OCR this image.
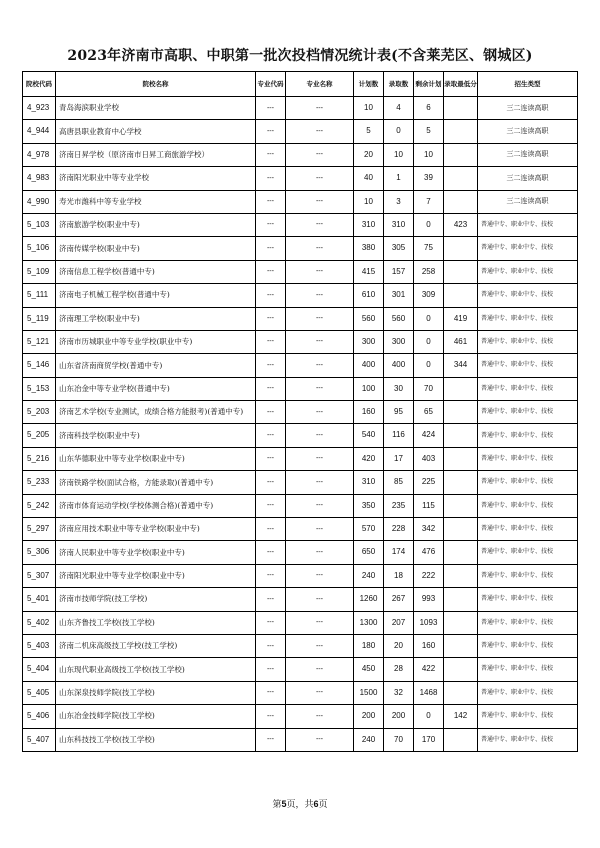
2023年济南市高职、中职第一批次投档情况统计表(不含莱芜区、钢城区)
院校代码	院校名称	专业代码	专业名称	计划数	录取数	剩余计划	录取最低分	招生类型
4_923	青岛海滨职业学校	---	---	10	4	6		三二连读高职
4_944	高唐县职业教育中心学校	---	---	5	0	5		三二连读高职
4_978	济南日昇学校（原济南市日昇工商旅游学校）	---	---	20	10	10		三二连读高职
4_983	济南阳光职业中等专业学校	---	---	40	1	39		三二连读高职
4_990	寿光市潍科中等专业学校	---	---	10	3	7		三二连读高职
5_103	济南旅游学校(职业中专)	---	---	310	310	0	423	普通中专、职业中专、技校
5_106	济南传媒学校(职业中专)	---	---	380	305	75		普通中专、职业中专、技校
5_109	济南信息工程学校(普通中专)	---	---	415	157	258		普通中专、职业中专、技校
5_111	济南电子机械工程学校(普通中专)	---	---	610	301	309		普通中专、职业中专、技校
5_119	济南理工学校(职业中专)	---	---	560	560	0	419	普通中专、职业中专、技校
5_121	济南市历城职业中等专业学校(职业中专)	---	---	300	300	0	461	普通中专、职业中专、技校
5_146	山东省济南商贸学校(普通中专)	---	---	400	400	0	344	普通中专、职业中专、技校
5_153	山东冶金中等专业学校(普通中专)	---	---	100	30	70		普通中专、职业中专、技校
5_203	济南艺术学校(专业测试，成绩合格方能报考)(普通中专)	---	---	160	95	65		普通中专、职业中专、技校
5_205	济南科技学校(职业中专)	---	---	540	116	424		普通中专、职业中专、技校
5_216	山东华德职业中等专业学校(职业中专)	---	---	420	17	403		普通中专、职业中专、技校
5_233	济南铁路学校(面试合格，方能录取)(普通中专)	---	---	310	85	225		普通中专、职业中专、技校
5_242	济南市体育运动学校(学校体测合格)(普通中专)	---	---	350	235	115		普通中专、职业中专、技校
5_297	济南应用技术职业中等专业学校(职业中专)	---	---	570	228	342		普通中专、职业中专、技校
5_306	济南人民职业中等专业学校(职业中专)	---	---	650	174	476		普通中专、职业中专、技校
5_307	济南阳光职业中等专业学校(职业中专)	---	---	240	18	222		普通中专、职业中专、技校
5_401	济南市技师学院(技工学校)	---	---	1260	267	993		普通中专、职业中专、技校
5_402	山东齐鲁技工学校(技工学校)	---	---	1300	207	1093		普通中专、职业中专、技校
5_403	济南二机床高级技工学校(技工学校)	---	---	180	20	160		普通中专、职业中专、技校
5_404	山东现代职业高级技工学校(技工学校)	---	---	450	28	422		普通中专、职业中专、技校
5_405	山东深泉技师学院(技工学校)	---	---	1500	32	1468		普通中专、职业中专、技校
5_406	山东冶金技师学院(技工学校)	---	---	200	200	0	142	普通中专、职业中专、技校
5_407	山东科技技工学校(技工学校)	---	---	240	70	170		普通中专、职业中专、技校
第5页，共6页
